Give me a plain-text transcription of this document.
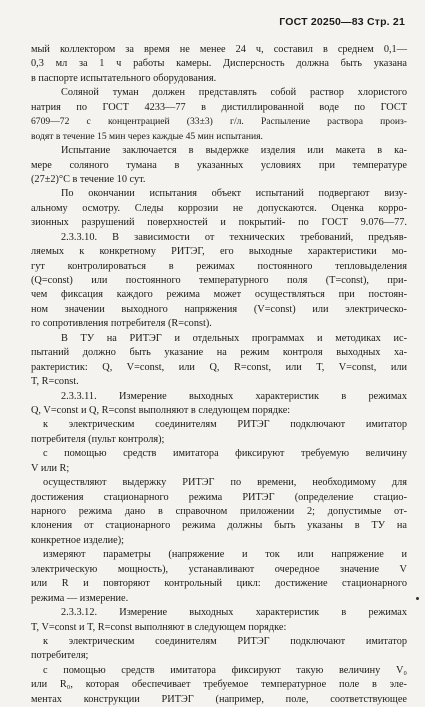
ГОСТ 20250—83 Стр. 21
мый коллектором за время не менее 24 ч, составил в среднем 0,1—
0,3 мл за 1 ч работы камеры. Дисперсность должна быть указана
в паспорте испытательного оборудования.
Соляной туман должен представлять собой раствор хлористого
натрия по ГОСТ 4233—77 в дистиллированной воде по ГОСТ
6709—72 с концентрацией (33±3) г/л. Распыление раствора произ-
водят в течение 15 мин через каждые 45 мин испытания.
Испытание заключается в выдержке изделия или макета в ка-
мере соляного тумана в указанных условиях при температуре
(27±2)°С в течение 10 сут.
По окончании испытания объект испытаний подвергают визу-
альному осмотру. Следы коррозии не допускаются. Оценка корро-
зионных разрушений поверхностей и покрытий- по ГОСТ 9.076—77.
2.3.3.10. В зависимости от технических требований, предъяв-
ляемых к конкретному РИТЭГ, его выходные характеристики мо-
гут контролироваться в режимах постоянного тепловыделения
(Q=const) или постоянного температурного поля (T=const), при-
чем фиксация каждого режима может осуществляться при постоян-
ном значении выходного напряжения (V=const) или электрическо-
го сопротивления потребителя (R=const).
В ТУ на РИТЭГ и отдельных программах и методиках ис-
пытаний должно быть указание на режим контроля выходных ха-
рактеристик: Q, V=const, или Q, R=const, или T, V=const, или
T, R=const.
2.3.3.11. Измерение выходных характеристик в режимах
Q, V=const и Q, R=const выполняют в следующем порядке:
к электрическим соединителям РИТЭГ подключают имитатор
потребителя (пульт контроля);
с помощью средств имитатора фиксируют требуемую величину
V или R;
осуществляют выдержку РИТЭГ по времени, необходимому для
достижения стационарного режима РИТЭГ (определение стацио-
нарного режима дано в справочном приложении 2; допустимые от-
клонения от стационарного режима должны быть указаны в ТУ на
конкретное изделие);
измеряют параметры (напряжение и ток или напряжение и
электрическую мощность), устанавливают очередное значение V
или R и повторяют контрольный цикл: достижение стационарного
режима — измерение.
2.3.3.12. Измерение выходных характеристик в режимах
T, V=const и T, R=const выполняют в следующем порядке:
к электрическим соединителям РИТЭГ подключают имитатор
потребителя;
с помощью средств имитатора фиксируют такую величину V₀
или R₀, которая обеспечивает требуемое температурное поле в эле-
ментах конструкции РИТЭГ (например, поле, соответствующее
